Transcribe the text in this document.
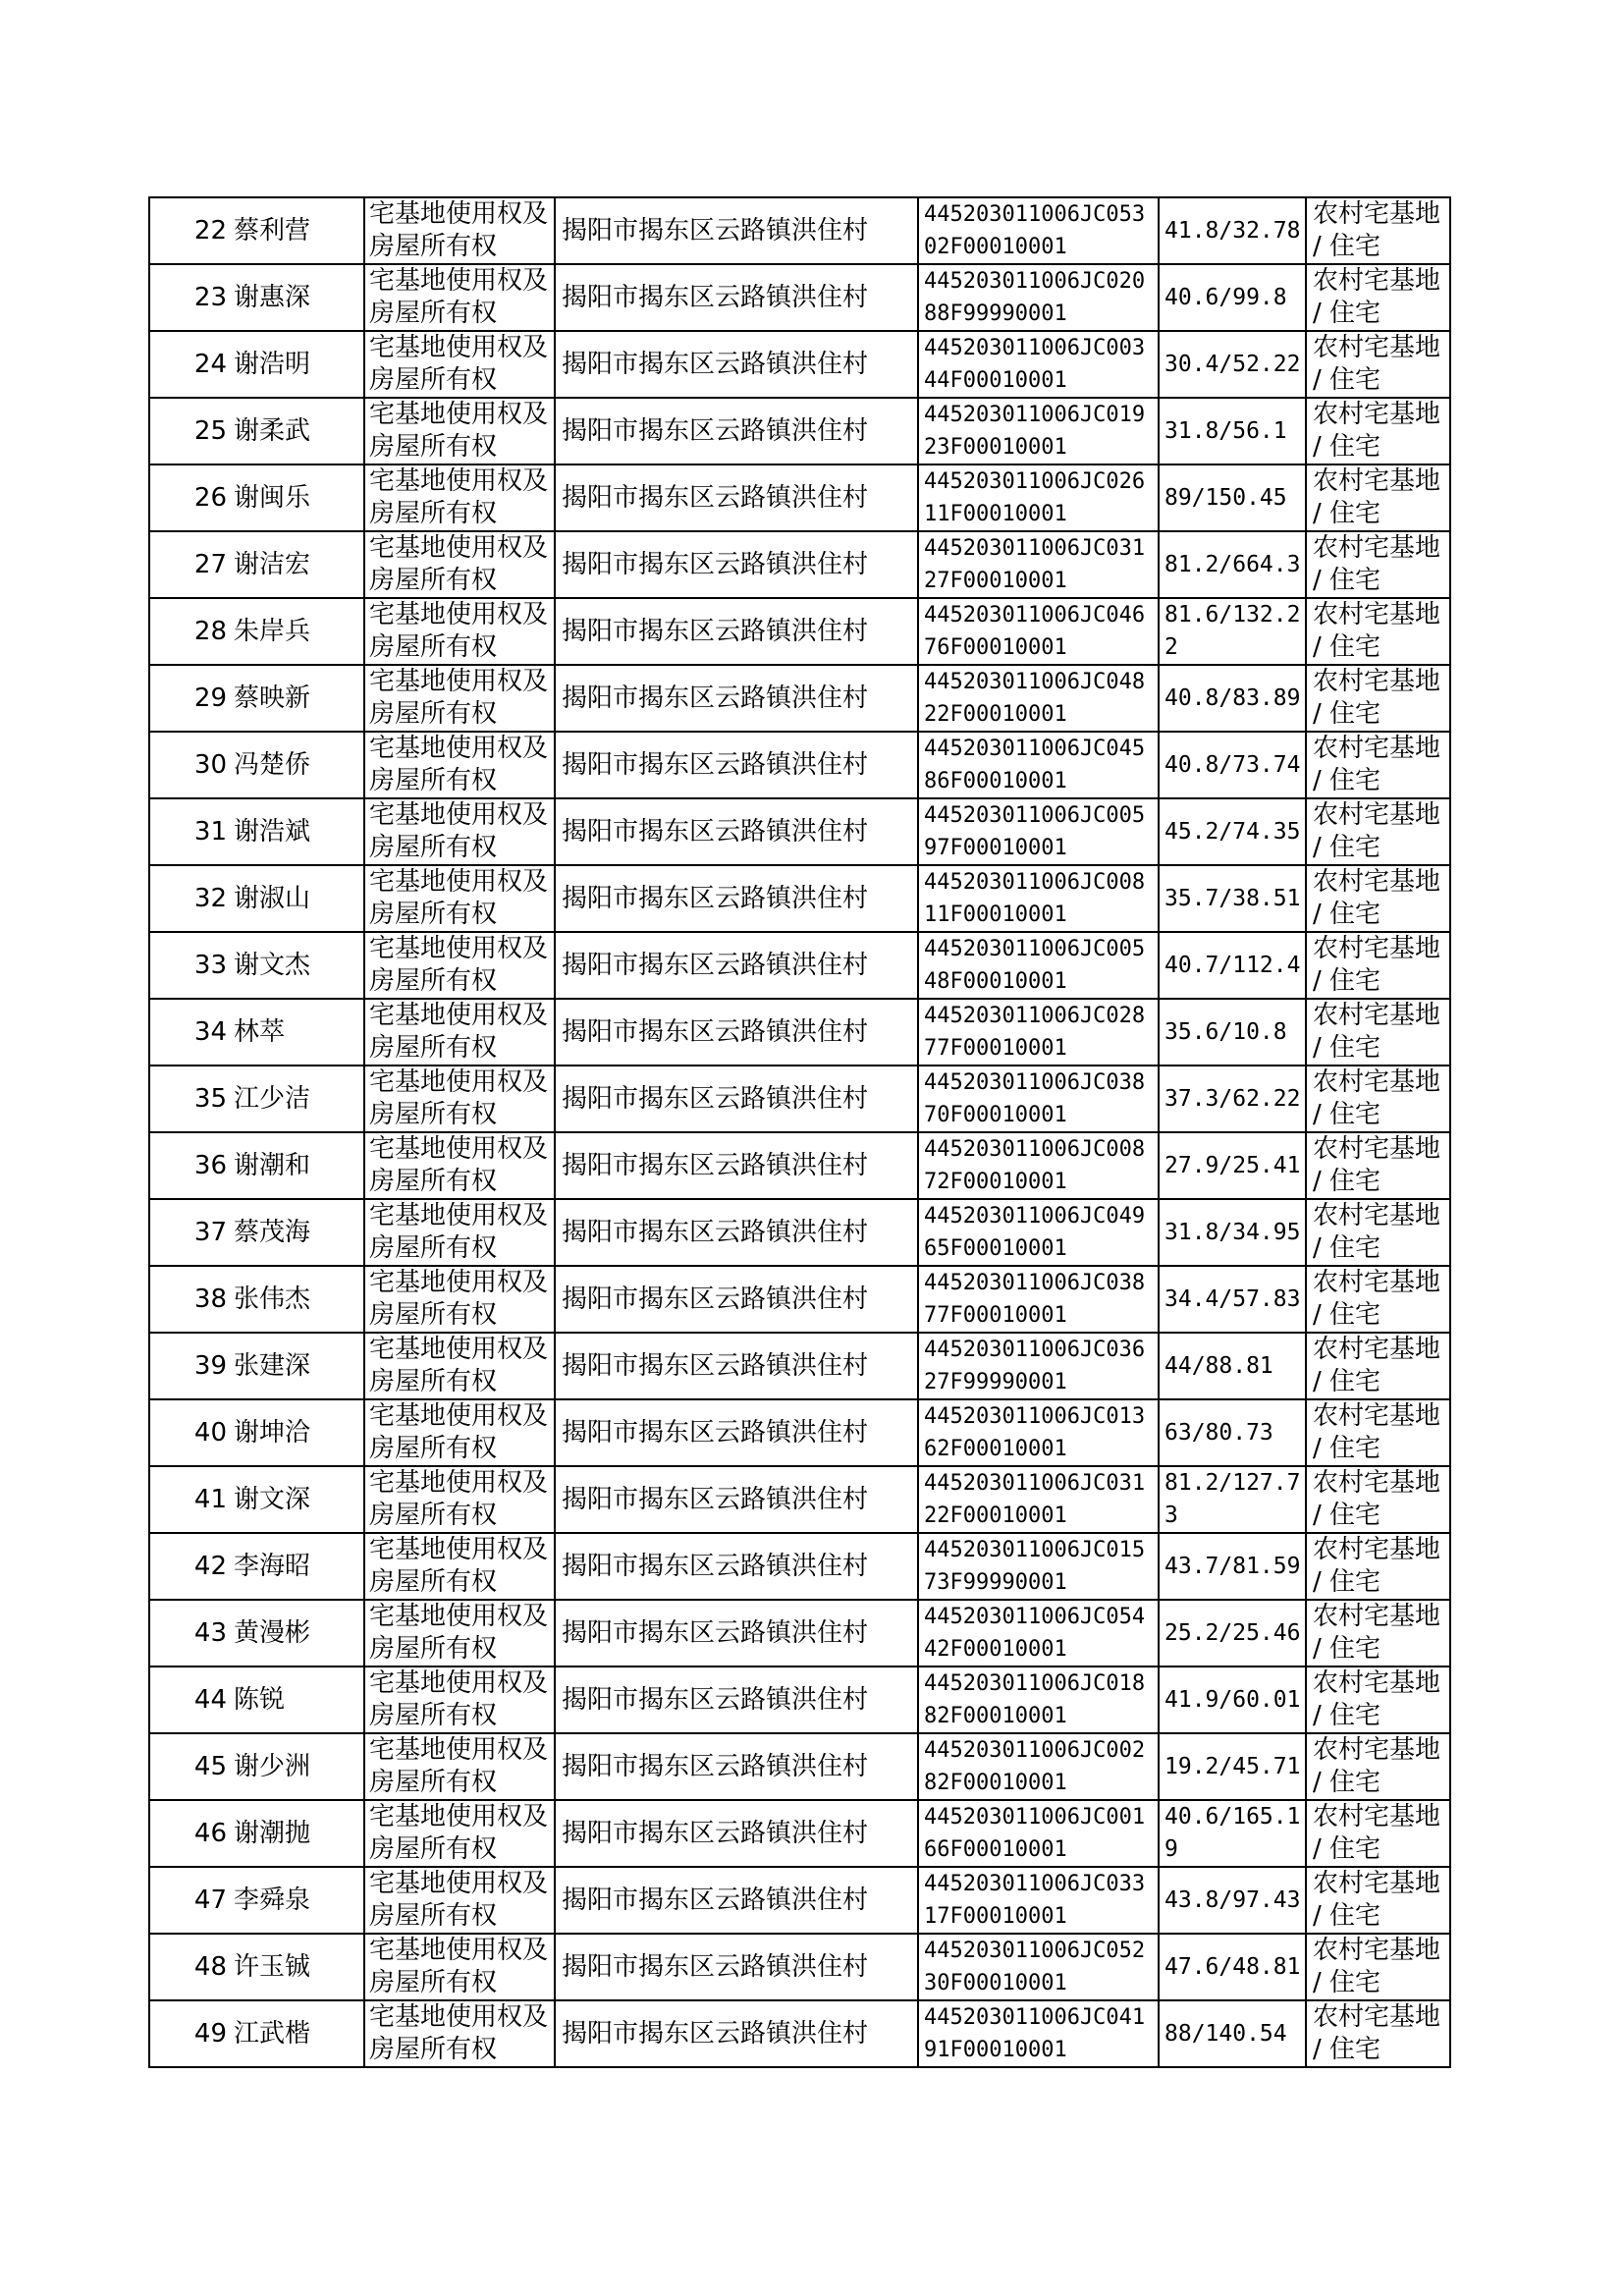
22	蔡利营	宅基地使用权及房屋所有权	揭阳市揭东区云路镇洪住村	445203011006JC05302F00010001	41.8/32.78	农村宅基地 / 住宅
23	谢惠深	宅基地使用权及房屋所有权	揭阳市揭东区云路镇洪住村	445203011006JC02088F99990001	40.6/99.8	农村宅基地 / 住宅
24	谢浩明	宅基地使用权及房屋所有权	揭阳市揭东区云路镇洪住村	445203011006JC00344F00010001	30.4/52.22	农村宅基地 / 住宅
25	谢柔武	宅基地使用权及房屋所有权	揭阳市揭东区云路镇洪住村	445203011006JC01923F00010001	31.8/56.1	农村宅基地 / 住宅
26	谢闽乐	宅基地使用权及房屋所有权	揭阳市揭东区云路镇洪住村	445203011006JC02611F00010001	89/150.45	农村宅基地 / 住宅
27	谢洁宏	宅基地使用权及房屋所有权	揭阳市揭东区云路镇洪住村	445203011006JC03127F00010001	81.2/664.3	农村宅基地 / 住宅
28	朱岸兵	宅基地使用权及房屋所有权	揭阳市揭东区云路镇洪住村	445203011006JC04676F00010001	81.6/132.22	农村宅基地 / 住宅
29	蔡映新	宅基地使用权及房屋所有权	揭阳市揭东区云路镇洪住村	445203011006JC04822F00010001	40.8/83.89	农村宅基地 / 住宅
30	冯楚侨	宅基地使用权及房屋所有权	揭阳市揭东区云路镇洪住村	445203011006JC04586F00010001	40.8/73.74	农村宅基地 / 住宅
31	谢浩斌	宅基地使用权及房屋所有权	揭阳市揭东区云路镇洪住村	445203011006JC00597F00010001	45.2/74.35	农村宅基地 / 住宅
32	谢淑山	宅基地使用权及房屋所有权	揭阳市揭东区云路镇洪住村	445203011006JC00811F00010001	35.7/38.51	农村宅基地 / 住宅
33	谢文杰	宅基地使用权及房屋所有权	揭阳市揭东区云路镇洪住村	445203011006JC00548F00010001	40.7/112.4	农村宅基地 / 住宅
34	林萃	宅基地使用权及房屋所有权	揭阳市揭东区云路镇洪住村	445203011006JC02877F00010001	35.6/10.8	农村宅基地 / 住宅
35	江少洁	宅基地使用权及房屋所有权	揭阳市揭东区云路镇洪住村	445203011006JC03870F00010001	37.3/62.22	农村宅基地 / 住宅
36	谢潮和	宅基地使用权及房屋所有权	揭阳市揭东区云路镇洪住村	445203011006JC00872F00010001	27.9/25.41	农村宅基地 / 住宅
37	蔡茂海	宅基地使用权及房屋所有权	揭阳市揭东区云路镇洪住村	445203011006JC04965F00010001	31.8/34.95	农村宅基地 / 住宅
38	张伟杰	宅基地使用权及房屋所有权	揭阳市揭东区云路镇洪住村	445203011006JC03877F00010001	34.4/57.83	农村宅基地 / 住宅
39	张建深	宅基地使用权及房屋所有权	揭阳市揭东区云路镇洪住村	445203011006JC03627F99990001	44/88.81	农村宅基地 / 住宅
40	谢坤洽	宅基地使用权及房屋所有权	揭阳市揭东区云路镇洪住村	445203011006JC01362F00010001	63/80.73	农村宅基地 / 住宅
41	谢文深	宅基地使用权及房屋所有权	揭阳市揭东区云路镇洪住村	445203011006JC03122F00010001	81.2/127.73	农村宅基地 / 住宅
42	李海昭	宅基地使用权及房屋所有权	揭阳市揭东区云路镇洪住村	445203011006JC01573F99990001	43.7/81.59	农村宅基地 / 住宅
43	黄漫彬	宅基地使用权及房屋所有权	揭阳市揭东区云路镇洪住村	445203011006JC05442F00010001	25.2/25.46	农村宅基地 / 住宅
44	陈锐	宅基地使用权及房屋所有权	揭阳市揭东区云路镇洪住村	445203011006JC01882F00010001	41.9/60.01	农村宅基地 / 住宅
45	谢少洲	宅基地使用权及房屋所有权	揭阳市揭东区云路镇洪住村	445203011006JC00282F00010001	19.2/45.71	农村宅基地 / 住宅
46	谢潮抛	宅基地使用权及房屋所有权	揭阳市揭东区云路镇洪住村	445203011006JC00166F00010001	40.6/165.19	农村宅基地 / 住宅
47	李舜泉	宅基地使用权及房屋所有权	揭阳市揭东区云路镇洪住村	445203011006JC03317F00010001	43.8/97.43	农村宅基地 / 住宅
48	许玉铖	宅基地使用权及房屋所有权	揭阳市揭东区云路镇洪住村	445203011006JC05230F00010001	47.6/48.81	农村宅基地 / 住宅
49	江武楷	宅基地使用权及房屋所有权	揭阳市揭东区云路镇洪住村	445203011006JC04191F00010001	88/140.54	农村宅基地 / 住宅
